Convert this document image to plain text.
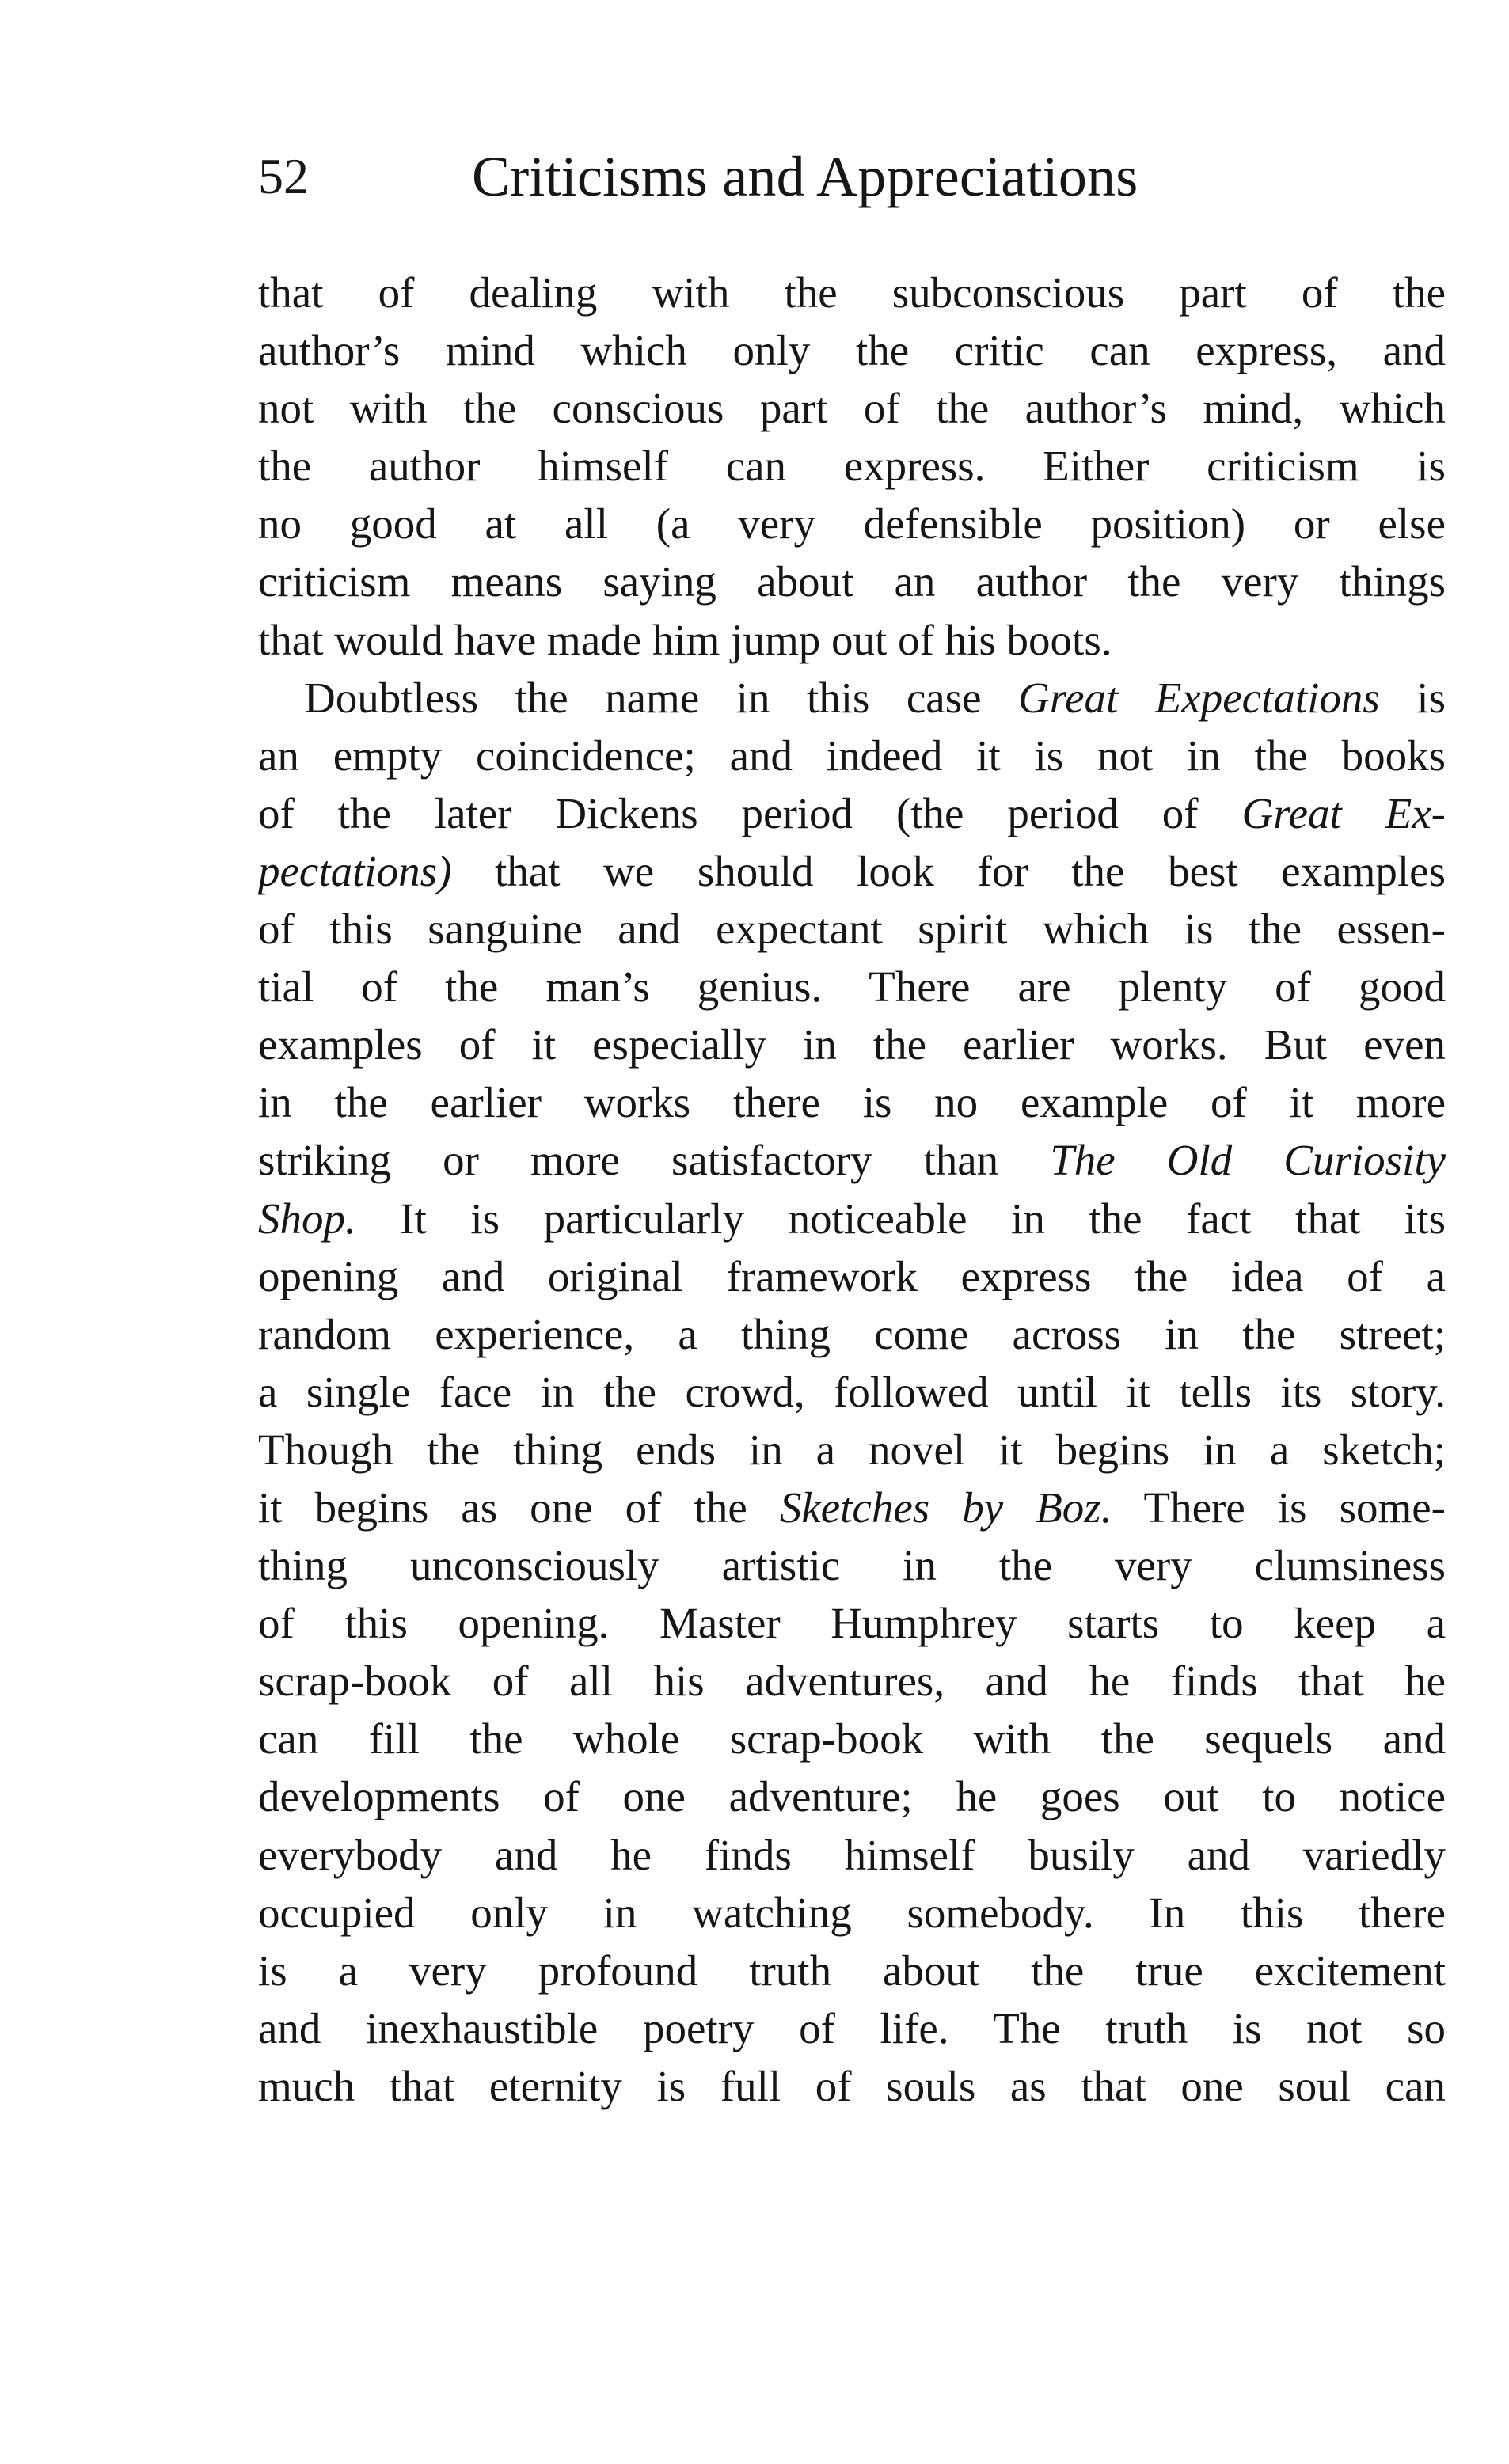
52	Criticisms and Appreciations
that of dealing with the subconscious part of the
author’s mind which only the critic can express, and
not with the conscious part of the author’s mind, which
the author himself can express. Either criticism is
no good at all (a very defensible position) or else
criticism means saying about an author the very things
that would have made him jump out of his boots.
Doubtless the name in this case Great Expectations is
an empty coincidence; and indeed it is not in the books
of the later Dickens period (the period of Great Ex-
pectations) that we should look for the best examples
of this sanguine and expectant spirit which is the essen-
tial of the man’s genius. There are plenty of good
examples of it especially in the earlier works. But even
in the earlier works there is no example of it more
striking or more satisfactory than The Old Curiosity
Shop. It is particularly noticeable in the fact that its
opening and original framework express the idea of a
random experience, a thing come across in the street;
a single face in the crowd, followed until it tells its story.
Though the thing ends in a novel it begins in a sketch;
it begins as one of the Sketches by Boz. There is some-
thing unconsciously artistic in the very clumsiness
of this opening. Master Humphrey starts to keep a
scrap-book of all his adventures, and he finds that he
can fill the whole scrap-book with the sequels and
developments of one adventure; he goes out to notice
everybody and he finds himself busily and variedly
occupied only in watching somebody. In this there
is a very profound truth about the true excitement
and inexhaustible poetry of life. The truth is not so
much that eternity is full of souls as that one soul can
